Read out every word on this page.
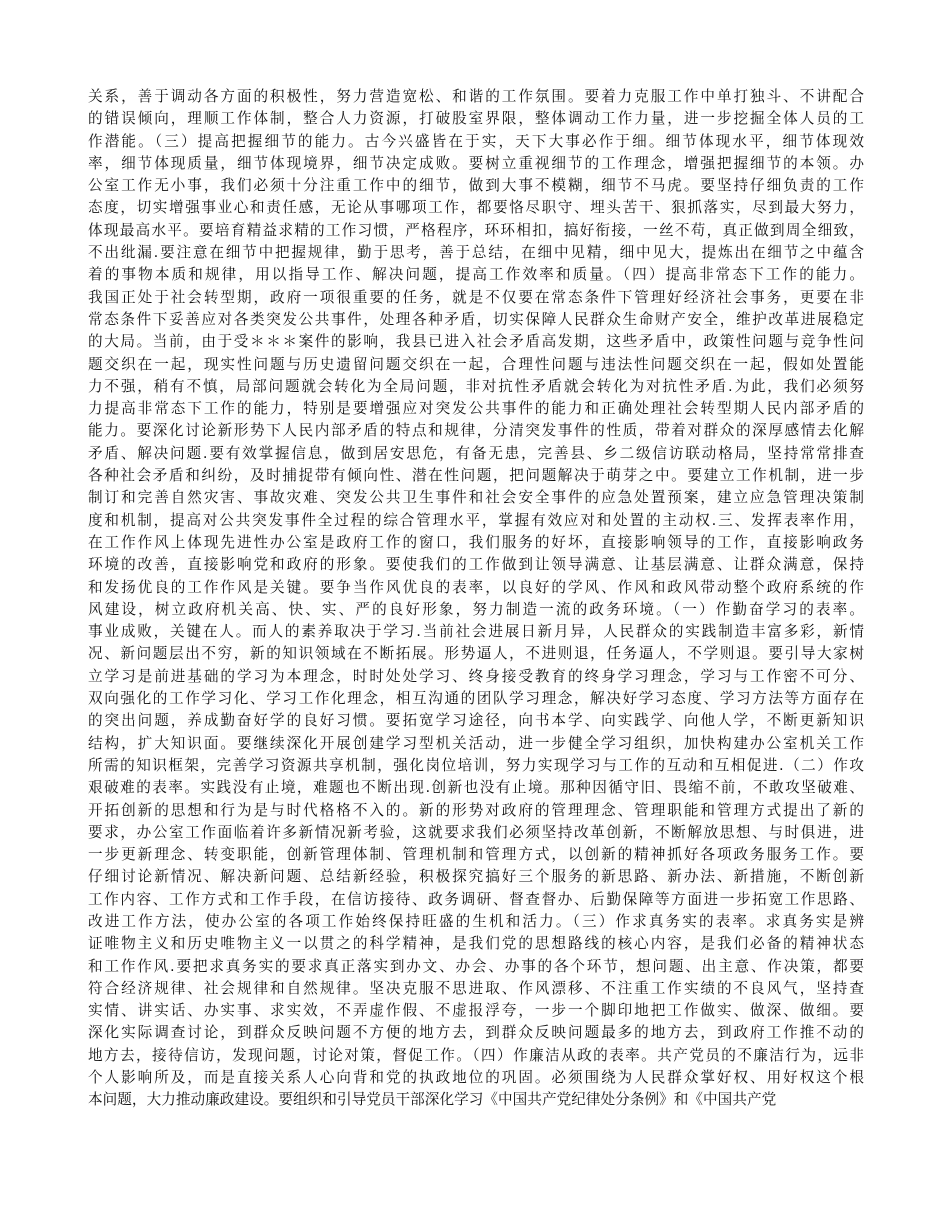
关系，善于调动各方面的积极性，努力营造宽松、和谐的工作氛围。要着力克服工作中单打独斗、不讲配合
的错误倾向，理顺工作体制，整合人力资源，打破股室界限，整体调动工作力量，进一步挖掘全体人员的工
作潜能。（三）提高把握细节的能力。古今兴盛皆在于实，天下大事必作于细。细节体现水平，细节体现效
率，细节体现质量，细节体现境界，细节决定成败。要树立重视细节的工作理念，增强把握细节的本领。办
公室工作无小事，我们必须十分注重工作中的细节，做到大事不模糊，细节不马虎。要坚持仔细负责的工作
态度，切实增强事业心和责任感，无论从事哪项工作，都要恪尽职守、埋头苦干、狠抓落实，尽到最大努力，
体现最高水平。要培育精益求精的工作习惯，严格程序，环环相扣，搞好衔接，一丝不苟，真正做到周全细致，
不出纰漏.要注意在细节中把握规律，勤于思考，善于总结，在细中见精，细中见大，提炼出在细节之中蕴含
着的事物本质和规律，用以指导工作、解决问题，提高工作效率和质量。（四）提高非常态下工作的能力。
我国正处于社会转型期，政府一项很重要的任务，就是不仅要在常态条件下管理好经济社会事务，更要在非
常态条件下妥善应对各类突发公共事件，处理各种矛盾，切实保障人民群众生命财产安全，维护改革进展稳定
的大局。当前，由于受＊＊＊案件的影响，我县已进入社会矛盾高发期，这些矛盾中，政策性问题与竞争性问
题交织在一起，现实性问题与历史遗留问题交织在一起，合理性问题与违法性问题交织在一起，假如处置能
力不强，稍有不慎，局部问题就会转化为全局问题，非对抗性矛盾就会转化为对抗性矛盾.为此，我们必须努
力提高非常态下工作的能力，特别是要增强应对突发公共事件的能力和正确处理社会转型期人民内部矛盾的
能力。要深化讨论新形势下人民内部矛盾的特点和规律，分清突发事件的性质，带着对群众的深厚感情去化解
矛盾、解决问题.要有效掌握信息，做到居安思危，有备无患，完善县、乡二级信访联动格局，坚持常常排查
各种社会矛盾和纠纷，及时捕捉带有倾向性、潜在性问题，把问题解决于萌芽之中。要建立工作机制，进一步
制订和完善自然灾害、事故灾难、突发公共卫生事件和社会安全事件的应急处置预案，建立应急管理决策制
度和机制，提高对公共突发事件全过程的综合管理水平，掌握有效应对和处置的主动权.三、发挥表率作用，
在工作作风上体现先进性办公室是政府工作的窗口，我们服务的好坏，直接影响领导的工作，直接影响政务
环境的改善，直接影响党和政府的形象。要使我们的工作做到让领导满意、让基层满意、让群众满意，保持
和发扬优良的工作作风是关键。要争当作风优良的表率，以良好的学风、作风和政风带动整个政府系统的作
风建设，树立政府机关高、快、实、严的良好形象，努力制造一流的政务环境。（一）作勤奋学习的表率。
事业成败，关键在人。而人的素养取决于学习.当前社会进展日新月异，人民群众的实践制造丰富多彩，新情
况、新问题层出不穷，新的知识领域在不断拓展。形势逼人，不进则退，任务逼人，不学则退。要引导大家树
立学习是前进基础的学习为本理念，时时处处学习、终身接受教育的终身学习理念，学习与工作密不可分、
双向强化的工作学习化、学习工作化理念，相互沟通的团队学习理念，解决好学习态度、学习方法等方面存在
的突出问题，养成勤奋好学的良好习惯。要拓宽学习途径，向书本学、向实践学、向他人学，不断更新知识
结构，扩大知识面。要继续深化开展创建学习型机关活动，进一步健全学习组织，加快构建办公室机关工作
所需的知识框架，完善学习资源共享机制，强化岗位培训，努力实现学习与工作的互动和互相促进.（二）作攻
艰破难的表率。实践没有止境，难题也不断出现.创新也没有止境。那种因循守旧、畏缩不前，不敢攻坚破难、
开拓创新的思想和行为是与时代格格不入的。新的形势对政府的管理理念、管理职能和管理方式提出了新的
要求，办公室工作面临着许多新情况新考验，这就要求我们必须坚持改革创新，不断解放思想、与时俱进，进
一步更新理念、转变职能，创新管理体制、管理机制和管理方式，以创新的精神抓好各项政务服务工作。要
仔细讨论新情况、解决新问题、总结新经验，积极探究搞好三个服务的新思路、新办法、新措施，不断创新
工作内容、工作方式和工作手段，在信访接待、政务调研、督查督办、后勤保障等方面进一步拓宽工作思路、
改进工作方法，使办公室的各项工作始终保持旺盛的生机和活力。（三）作求真务实的表率。求真务实是辨
证唯物主义和历史唯物主义一以贯之的科学精神，是我们党的思想路线的核心内容，是我们必备的精神状态
和工作作风.要把求真务实的要求真正落实到办文、办会、办事的各个环节，想问题、出主意、作决策，都要
符合经济规律、社会规律和自然规律。坚决克服不思进取、作风漂移、不注重工作实绩的不良风气，坚持查
实情、讲实话、办实事、求实效，不弄虚作假、不虚报浮夸，一步一个脚印地把工作做实、做深、做细。要
深化实际调查讨论，到群众反映问题不方便的地方去，到群众反映问题最多的地方去，到政府工作推不动的
地方去，接待信访，发现问题，讨论对策，督促工作。（四）作廉洁从政的表率。共产党员的不廉洁行为，远非
个人影响所及，而是直接关系人心向背和党的执政地位的巩固。必须围绕为人民群众掌好权、用好权这个根
本问题，大力推动廉政建设。要组织和引导党员干部深化学习《中国共产党纪律处分条例》和《中国共产党
